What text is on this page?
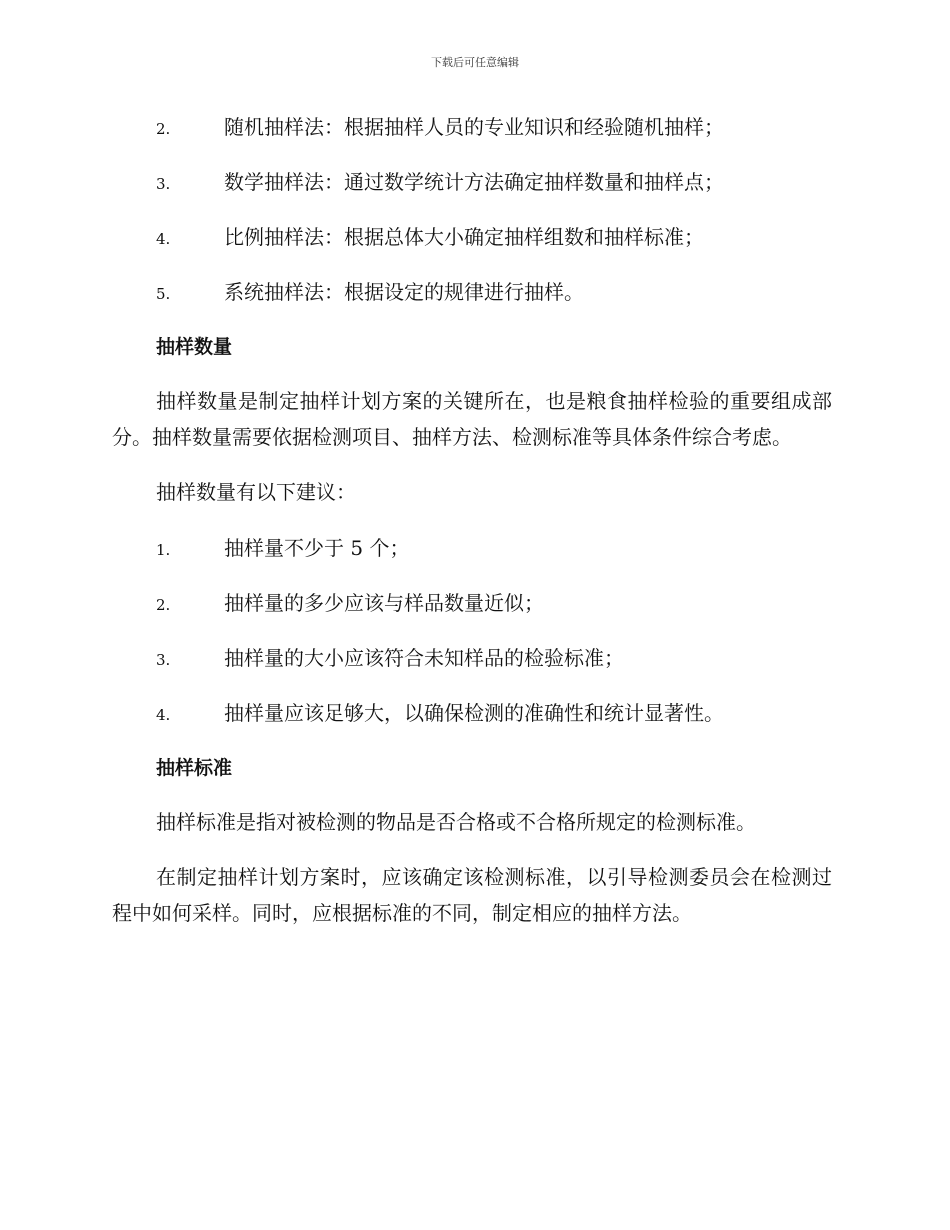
下载后可任意编辑
2.	随机抽样法：根据抽样人员的专业知识和经验随机抽样；
3.	数学抽样法：通过数学统计方法确定抽样数量和抽样点；
4.	比例抽样法：根据总体大小确定抽样组数和抽样标准；
5.	系统抽样法：根据设定的规律进行抽样。
抽样数量

抽样数量是制定抽样计划方案的关键所在，也是粮食抽样检验的重要组成部分。抽样数量需要依据检测项目、抽样方法、检测标准等具体条件综合考虑。

抽样数量有以下建议：

1.	抽样量不少于 5 个；
2.	抽样量的多少应该与样品数量近似；
3.	抽样量的大小应该符合未知样品的检验标准；
4.	抽样量应该足够大，以确保检测的准确性和统计显著性。
抽样标准

抽样标准是指对被检测的物品是否合格或不合格所规定的检测标准。

在制定抽样计划方案时，应该确定该检测标准，以引导检测委员会在检测过程中如何采样。同时，应根据标准的不同，制定相应的抽样方法。
